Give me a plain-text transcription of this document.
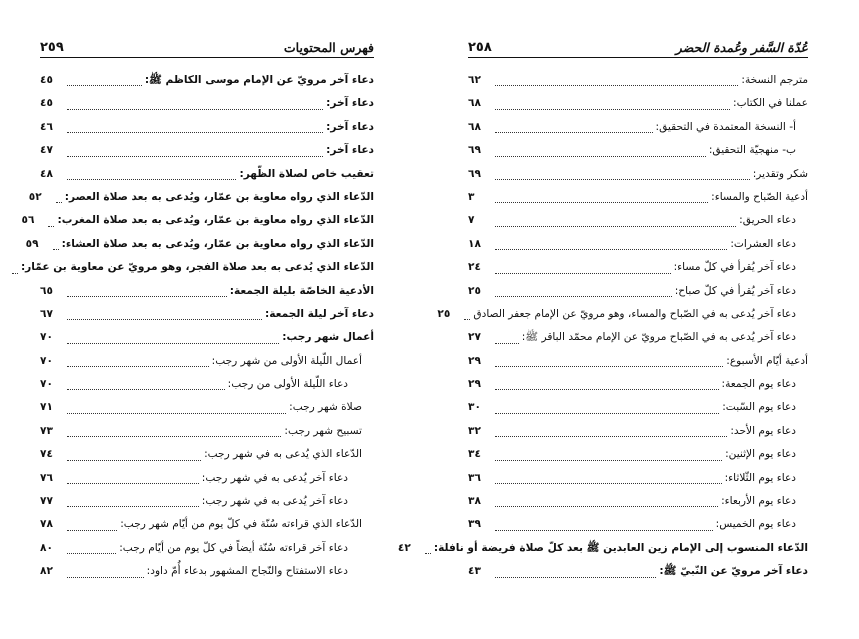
فهرس المحتويات
٢٥٩
دعاء آخر مرويّ عن الإمام موسى الكاظم ﷺ:
٤٥
دعاء آخر:
٤٥
دعاء آخر:
٤٦
دعاء آخر:
٤٧
تعقيب خاص لصلاة الظّهر:
٤٨
الدّعاء الذي رواه معاوية بن عمّار، ويُدعى به بعد صلاة العصر:
٥٢
الدّعاء الذي رواه معاوية بن عمّار، ويُدعى به بعد صلاة المغرب:
٥٦
الدّعاء الذي رواه معاوية بن عمّار، ويُدعى به بعد صلاة العشاء:
٥٩
الدّعاء الذي يُدعى به بعد صلاة الفجر، وهو مرويّ عن معاوية بن عمّار:
الأدعية الخاصّة بليلة الجمعة:
٦٥
دعاء آخر ليلة الجمعة:
٦٧
أعمال شهر رجب:
٧٠
أعمال اللّيلة الأولى من شهر رجب:
٧٠
دعاء اللّيلة الأولى من رجب:
٧٠
صلاة شهر رجب:
٧١
تسبيح شهر رجب:
٧٣
الدّعاء الذي يُدعى به في شهر رجب:
٧٤
دعاء آخر يُدعى به في شهر رجب:
٧٦
دعاء آخر يُدعى به في شهر رجب:
٧٧
الدّعاء الذي قراءته سُنّة في كلّ يوم من أيّام شهر رجب:
٧٨
دعاء آخر قراءته سُنّة أيضاً في كلّ يوم من أيّام رجب:
٨٠
دعاء الاستفتاح والنّجاح المشهور بدعاء أُمّ داود:
٨٢
عُدّة السَّفر وعُمدة الحضر
٢٥٨
مترجم النسخة:
٦٢
عملنا في الكتاب:
٦٨
أ- النسخة المعتمدة في التحقيق:
٦٨
ب- منهجيّة التحقيق:
٦٩
شكر وتقدير:
٦٩
أدعية الصّباح والمساء:
٣
دعاء الحريق:
٧
دعاء العشرات:
١٨
دعاء آخر يُقرأ في كلّ مساء:
٢٤
دعاء آخر يُقرأ في كلّ صباح:
٢٥
دعاء آخر يُدعى به في الصّباح والمساء، وهو مرويّ عن الإمام جعفر الصادق
٢٥
دعاء آخر يُدعى به في الصّباح مرويّ عن الإمام محمّد الباقر ﷺ:
٢٧
أدعية أيّام الأسبوع:
٢٩
دعاء يوم الجمعة:
٢٩
دعاء يوم السّبت:
٣٠
دعاء يوم الأحد:
٣٢
دعاء يوم الإثنين:
٣٤
دعاء يوم الثّلاثاء:
٣٦
دعاء يوم الأربعاء:
٣٨
دعاء يوم الخميس:
٣٩
الدّعاء المنسوب إلى الإمام زين العابدين ﷺ بعد كلّ صلاة فريضة أو نافلة:
٤٢
دعاء آخر مرويّ عن النّبيّ ﷺ:
٤٣
